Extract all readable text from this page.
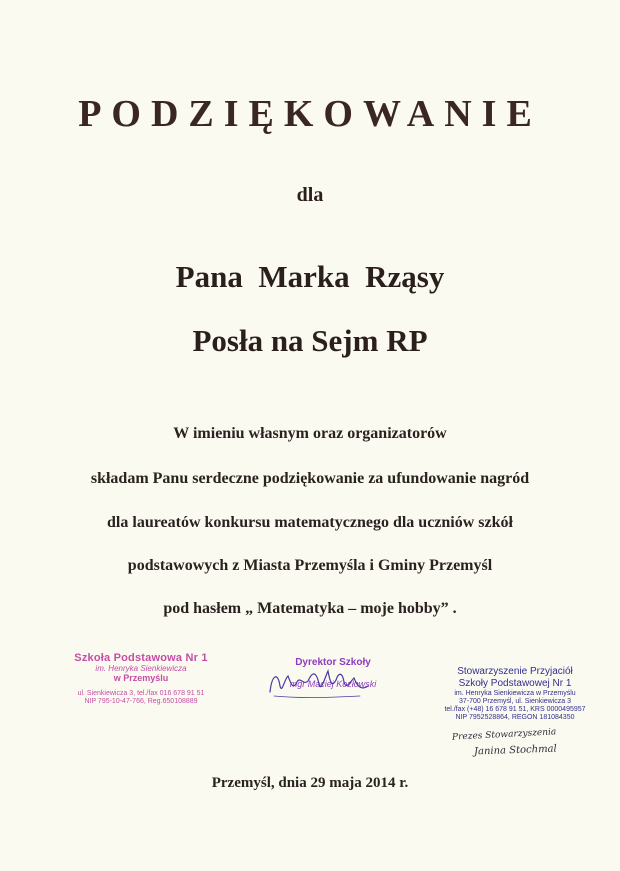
PODZIĘKOWANIE
dla
Pana  Marka  Rząsy
Posła na Sejm RP
W imieniu własnym oraz organizatorów
składam Panu serdeczne podziękowanie za ufundowanie nagród
dla laureatów konkursu matematycznego dla uczniów szkół
podstawowych z Miasta Przemyśla i Gminy Przemyśl
pod hasłem „ Matematyka – moje hobby” .
Szkoła Podstawowa Nr 1
im. Henryka Sienkiewicza
w Przemyślu
ul. Sienkiewicza 3, tel./fax 016 678 91 51
NIP 795-10-47-766, Reg.650108889
Dyrektor Szkoły
mgr Maciej Kozłowski
Stowarzyszenie Przyjaciół
Szkoły Podstawowej Nr 1
im. Henryka Sienkiewicza w Przemyślu
37-700 Przemyśl, ul. Sienkiewicza 3
tel./fax (+48) 16 678 91 51, KRS 0000495957
NIP 7952528864, REGON 181084350
Prezes Stowarzyszenia
Janina Stochmal
Przemyśl, dnia 29 maja 2014 r.
